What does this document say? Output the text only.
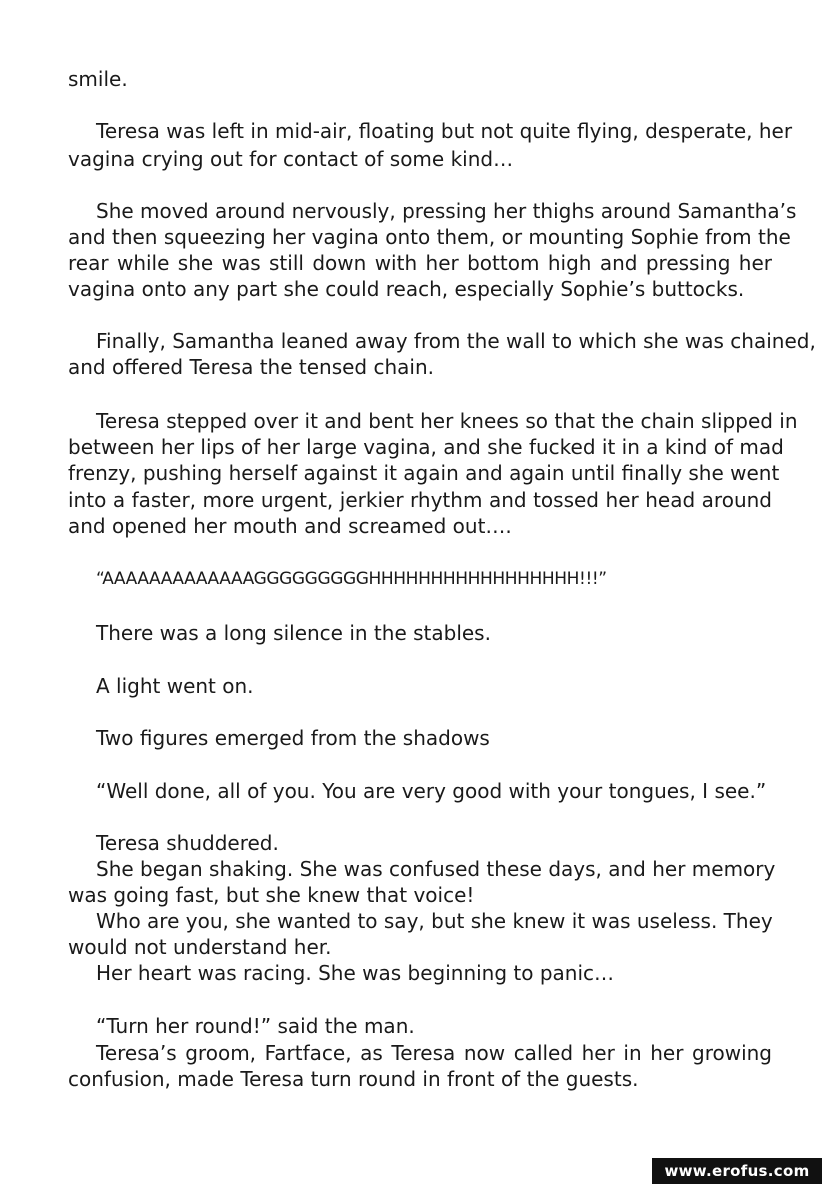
smile.
Teresa was left in mid-air, floating but not quite flying, desperate, her
vagina crying out for contact of some kind…
She moved around nervously, pressing her thighs around Samantha’s
and then squeezing her vagina onto them, or mounting Sophie from the
rear while she was still down with her bottom high and pressing her
vagina onto any part she could reach, especially Sophie’s buttocks.
Finally, Samantha leaned away from the wall to which she was chained,
and offered Teresa the tensed chain.
Teresa stepped over it and bent her knees so that the chain slipped in
between her lips of her large vagina, and she fucked it in a kind of mad
frenzy, pushing herself against it again and again until finally she went
into a faster, more urgent, jerkier rhythm and tossed her head around
and opened her mouth and screamed out….
“AAAAAAAAAAAAAGGGGGGGGGHHHHHHHHHHHHHHHHH!!!”
There was a long silence in the stables.
A light went on.
Two figures emerged from the shadows
“Well done, all of you. You are very good with your tongues, I see.”
Teresa shuddered.
She began shaking. She was confused these days, and her memory
was going fast, but she knew that voice!
Who are you, she wanted to say, but she knew it was useless. They
would not understand her.
Her heart was racing. She was beginning to panic…
“Turn her round!” said the man.
Teresa’s groom, Fartface, as Teresa now called her in her growing
confusion, made Teresa turn round in front of the guests.
www.erofus.com
